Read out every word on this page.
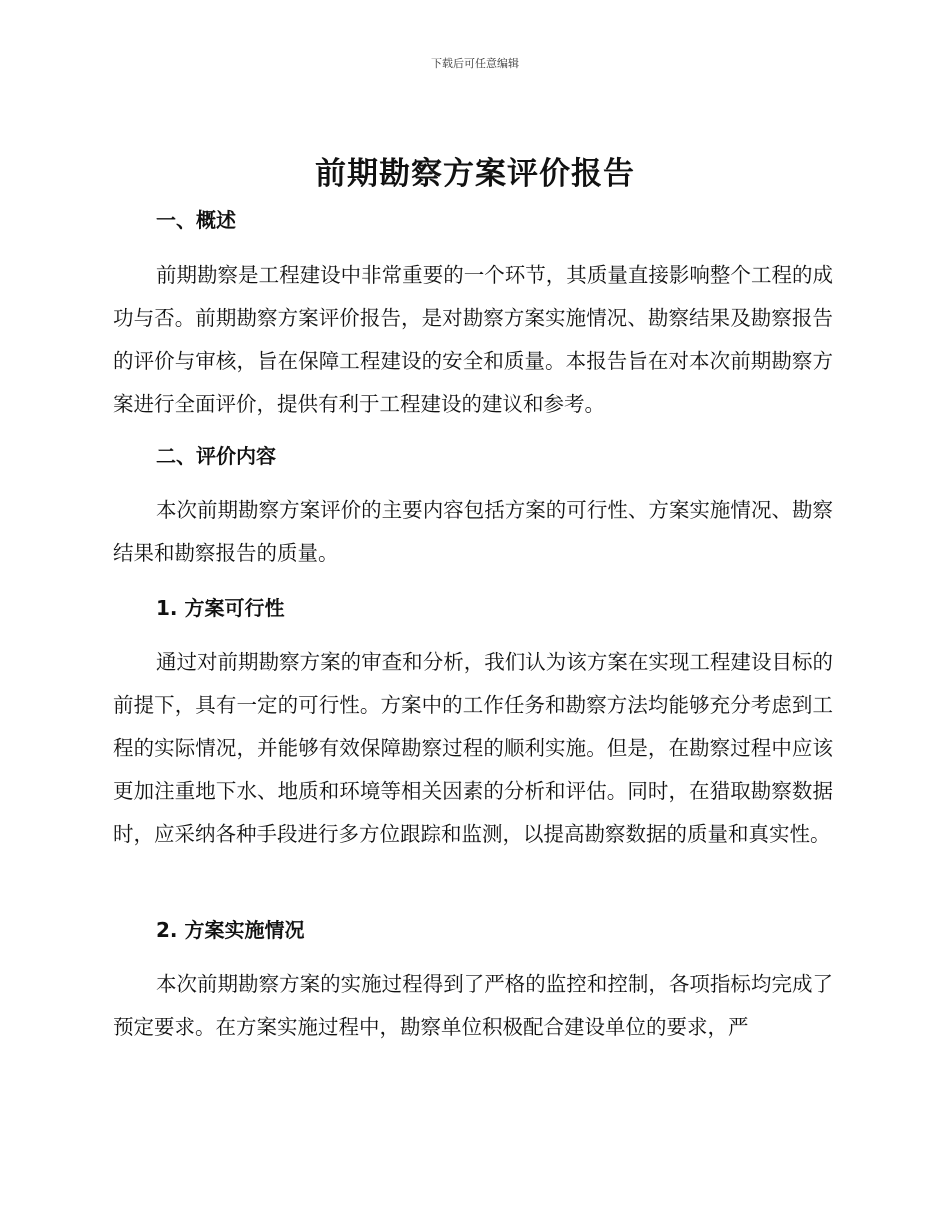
下载后可任意编辑
前期勘察方案评价报告
一、概述

前期勘察是工程建设中非常重要的一个环节，其质量直接影响整个工程的成功与否。前期勘察方案评价报告，是对勘察方案实施情况、勘察结果及勘察报告的评价与审核，旨在保障工程建设的安全和质量。本报告旨在对本次前期勘察方案进行全面评价，提供有利于工程建设的建议和参考。

二、评价内容

本次前期勘察方案评价的主要内容包括方案的可行性、方案实施情况、勘察结果和勘察报告的质量。

1. 方案可行性

通过对前期勘察方案的审查和分析，我们认为该方案在实现工程建设目标的前提下，具有一定的可行性。方案中的工作任务和勘察方法均能够充分考虑到工程的实际情况，并能够有效保障勘察过程的顺利实施。但是，在勘察过程中应该更加注重地下水、地质和环境等相关因素的分析和评估。同时，在猎取勘察数据时，应采纳各种手段进行多方位跟踪和监测，以提高勘察数据的质量和真实性。

2. 方案实施情况

本次前期勘察方案的实施过程得到了严格的监控和控制，各项指标均完成了预定要求。在方案实施过程中，勘察单位积极配合建设单位的要求，严
